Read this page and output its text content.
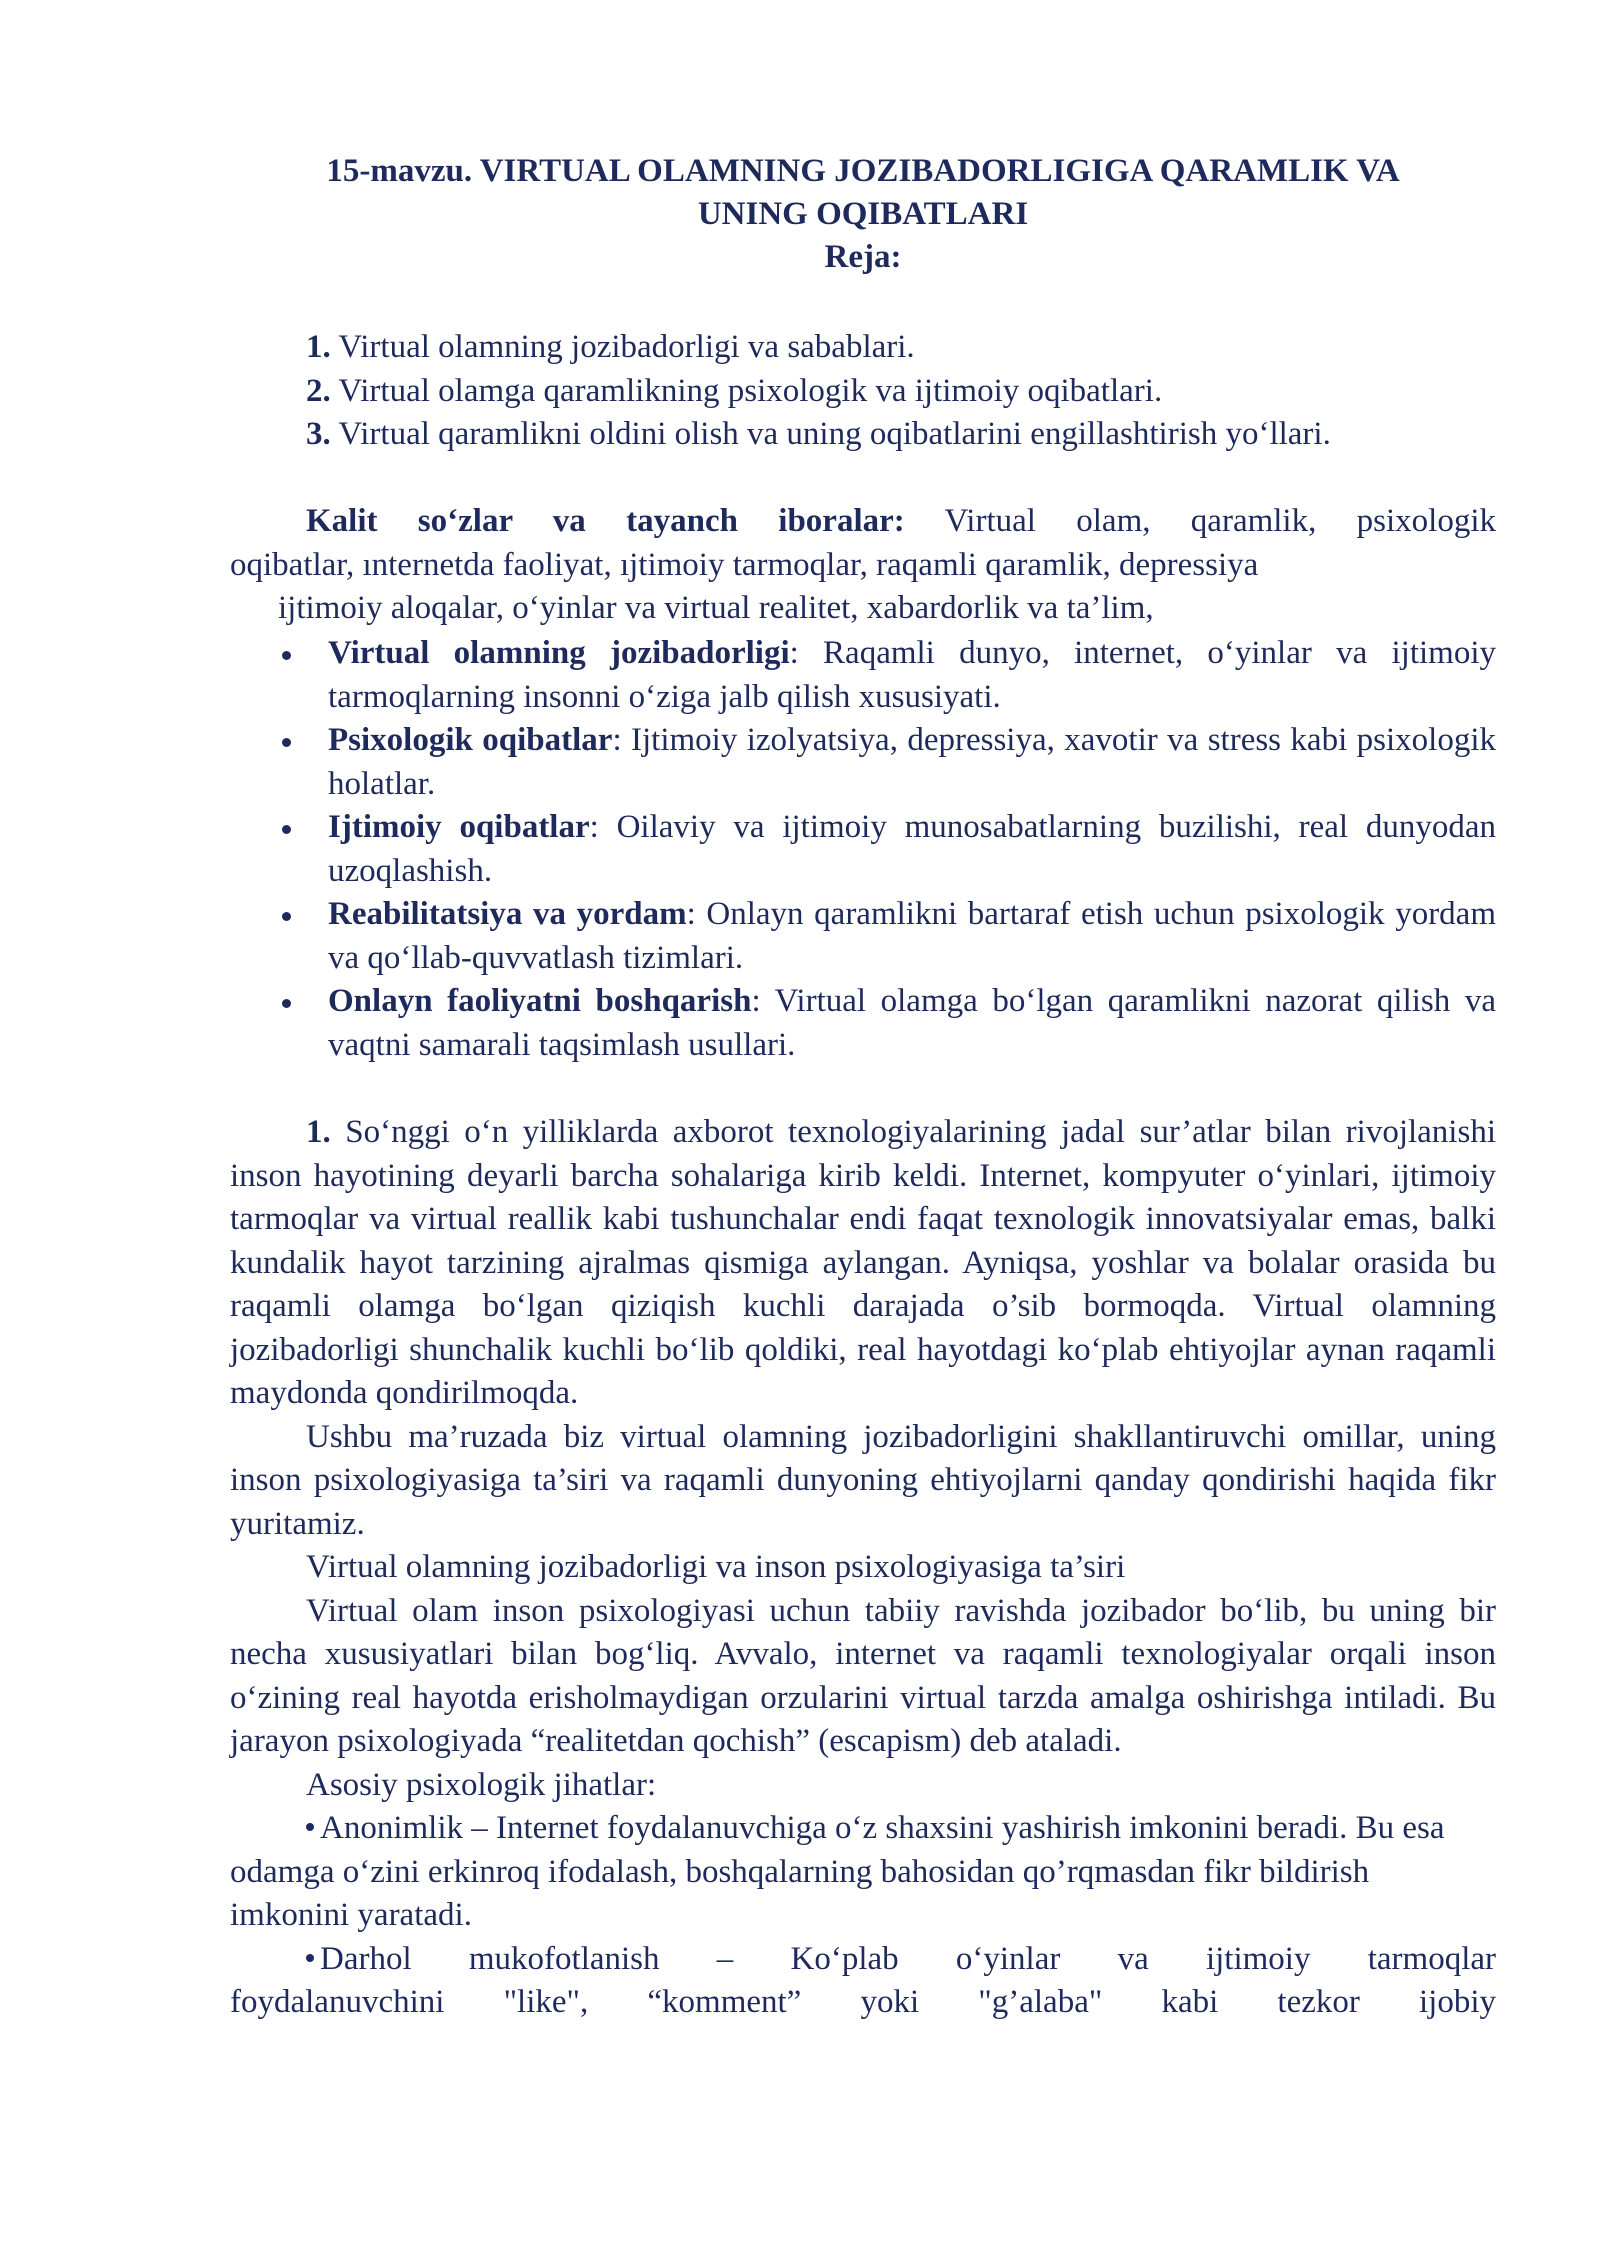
15-mavzu. VIRTUAL OLAMNING JOZIBADORLIGIGA QARAMLIK VA
UNING OQIBATLARI
Reja:
1. Virtual olamning jozibadorligi va sabablari.
2. Virtual olamga qaramlikning psixologik va ijtimoiy oqibatlari.
3. Virtual qaramlikni oldini olish va uning oqibatlarini engillashtirish yo‘llari.
Kalit so‘zlar va tayanch iboralar: Virtual olam, qaramlik, psixologik
oqibatlar, ınternetda faoliyat, ıjtimoiy tarmoqlar, raqamli qaramlik, depressiya
ijtimoiy aloqalar, o‘yinlar va virtual realitet, xabardorlik va ta’lim,
Virtual olamning jozibadorligi: Raqamli dunyo, internet, o‘yinlar va ijtimoiy tarmoqlarning insonni o‘ziga jalb qilish xususiyati.
Psixologik oqibatlar: Ijtimoiy izolyatsiya, depressiya, xavotir va stress kabi psixologik holatlar.
Ijtimoiy oqibatlar: Oilaviy va ijtimoiy munosabatlarning buzilishi, real dunyodan uzoqlashish.
Reabilitatsiya va yordam: Onlayn qaramlikni bartaraf etish uchun psixologik yordam va qo‘llab-quvvatlash tizimlari.
Onlayn faoliyatni boshqarish: Virtual olamga bo‘lgan qaramlikni nazorat qilish va vaqtni samarali taqsimlash usullari.

1. So‘nggi o‘n yilliklarda axborot texnologiyalarining jadal sur’atlar bilan rivojlanishi inson hayotining deyarli barcha sohalariga kirib keldi. Internet, kompyuter o‘yinlari, ijtimoiy tarmoqlar va virtual reallik kabi tushunchalar endi faqat texnologik innovatsiyalar emas, balki kundalik hayot tarzining ajralmas qismiga aylangan. Ayniqsa, yoshlar va bolalar orasida bu raqamli olamga bo‘lgan qiziqish kuchli darajada o’sib bormoqda. Virtual olamning jozibadorligi shunchalik kuchli bo‘lib qoldiki, real hayotdagi ko‘plab ehtiyojlar aynan raqamli maydonda qondirilmoqda.

Ushbu ma’ruzada biz virtual olamning jozibadorligini shakllantiruvchi omillar, uning inson psixologiyasiga ta’siri va raqamli dunyoning ehtiyojlarni qanday qondirishi haqida fikr yuritamiz.

Virtual olamning jozibadorligi va inson psixologiyasiga ta’siri

Virtual olam inson psixologiyasi uchun tabiiy ravishda jozibador bo‘lib, bu uning bir necha xususiyatlari bilan bog‘liq. Avvalo, internet va raqamli texnologiyalar orqali inson o‘zining real hayotda erisholmaydigan orzularini virtual tarzda amalga oshirishga intiladi. Bu jarayon psixologiyada “realitetdan qochish” (escapism) deb ataladi.

Asosiy psixologik jihatlar:

Anonimlik – Internet foydalanuvchiga o‘z shaxsini yashirish imkonini beradi. Bu esa odamga o‘zini erkinroq ifodalash, boshqalarning bahosidan qo’rqmasdan fikr bildirish imkonini yaratadi.

Darhol mukofotlanish – Ko‘plab o‘yinlar va ijtimoiy tarmoqlar

foydalanuvchini "like", “komment” yoki "g’alaba" kabi tezkor ijobiy
